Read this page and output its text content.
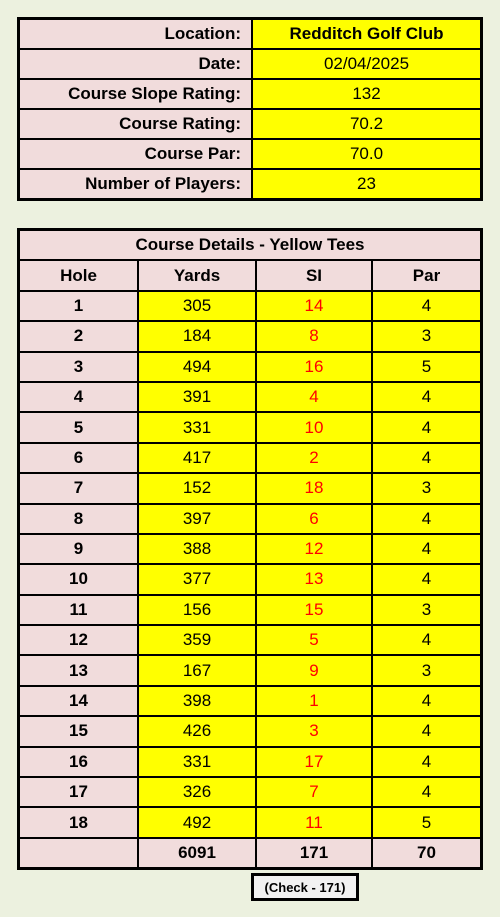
Location:	Redditch Golf Club
Date:	02/04/2025
Course Slope Rating:	132
Course Rating:	70.2
Course Par:	70.0
Number of Players:	23
Course Details - Yellow Tees			
Hole	Yards	SI	Par
1	305	14	4
2	184	8	3
3	494	16	5
4	391	4	4
5	331	10	4
6	417	2	4
7	152	18	3
8	397	6	4
9	388	12	4
10	377	13	4
11	156	15	3
12	359	5	4
13	167	9	3
14	398	1	4
15	426	3	4
16	331	17	4
17	326	7	4
18	492	11	5
	6091	171	70
(Check - 171)
